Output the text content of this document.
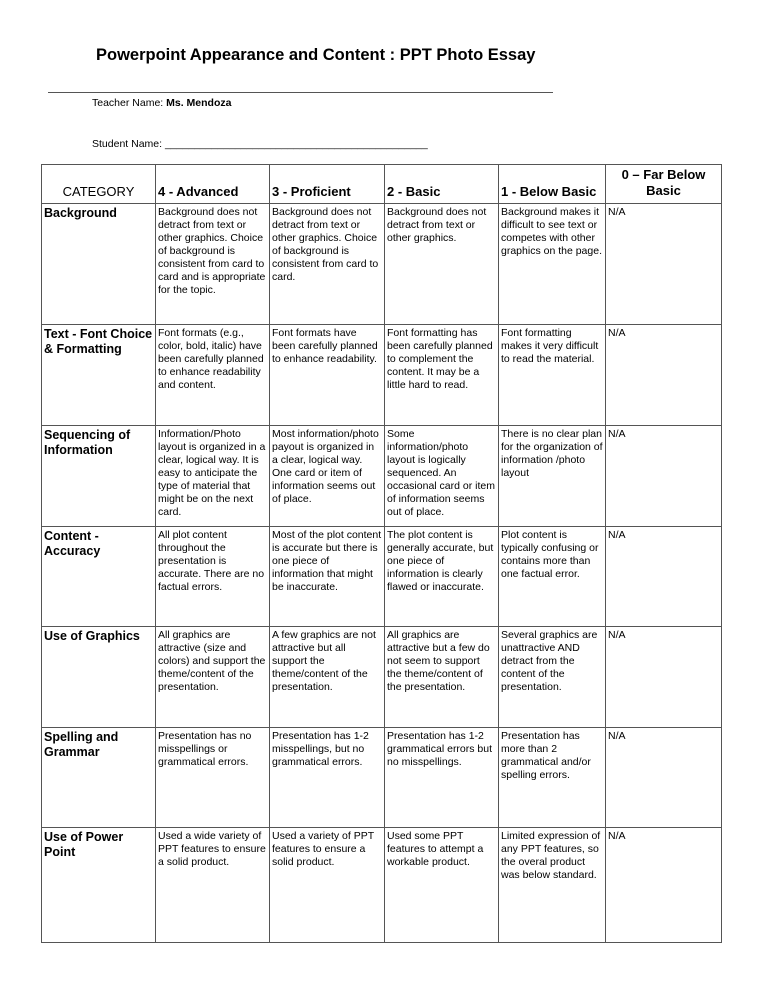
Powerpoint Appearance and Content : PPT Photo Essay
Teacher Name: Ms. Mendoza
Student Name: _____________________________________________
CATEGORY	4 - Advanced	3 - Proficient	2 - Basic	1 - Below Basic	0 – Far Below Basic
Background	Background does not detract from text or other graphics. Choice of background is consistent from card to card and is appropriate for the topic.	Background does not detract from text or other graphics. Choice of background is consistent from card to card.	Background does not detract from text or other graphics.	Background makes it difficult to see text or competes with other graphics on the page.	N/A
Text - Font Choice & Formatting	Font formats (e.g., color, bold, italic) have been carefully planned to enhance readability and content.	Font formats have been carefully planned to enhance readability.	Font formatting has been carefully planned to complement the content. It may be a little hard to read.	Font formatting makes it very difficult to read the material.	N/A
Sequencing of Information	Information/Photo layout is organized in a clear, logical way. It is easy to anticipate the type of material that might be on the next card.	Most information/photo payout is organized in a clear, logical way. One card or item of information seems out of place.	Some information/photo layout is logically sequenced. An occasional card or item of information seems out of place.	There is no clear plan for the organization of information /photo layout	N/A
Content - Accuracy	All plot content throughout the presentation is accurate. There are no factual errors.	Most of the plot content is accurate but there is one piece of information that might be inaccurate.	The plot content is generally accurate, but one piece of information is clearly flawed or inaccurate.	Plot content is typically confusing or contains more than one factual error.	N/A
Use of Graphics	All graphics are attractive (size and colors) and support the theme/content of the presentation.	A few graphics are not attractive but all support the theme/content of the presentation.	All graphics are attractive but a few do not seem to support the theme/content of the presentation.	Several graphics are unattractive AND detract from the content of the presentation.	N/A
Spelling and Grammar	Presentation has no misspellings or grammatical errors.	Presentation has 1-2 misspellings, but no grammatical errors.	Presentation has 1-2 grammatical errors but no misspellings.	Presentation has more than 2 grammatical and/or spelling errors.	N/A
Use of Power Point	Used a wide variety of PPT features to ensure a solid product.	Used a variety of PPT features to ensure a solid product.	Used some PPT features to attempt a workable product.	Limited expression of any PPT features, so the overal product was below standard.	N/A
